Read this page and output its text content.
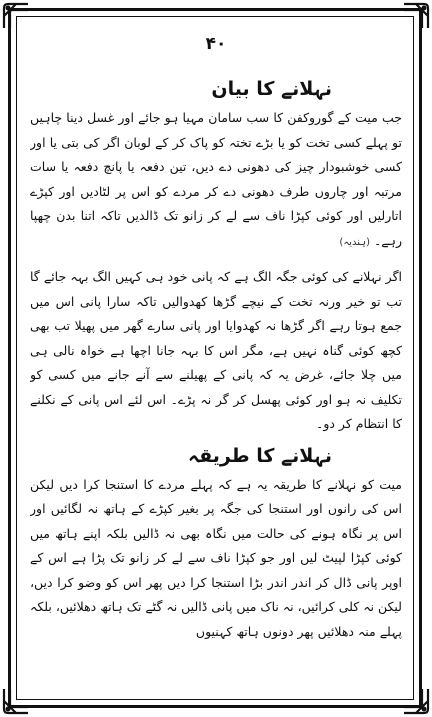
۴۰
نہلانے کا بیان

جب میت کے گوروکفن کا سب سامان مہیا ہو جائے اور غسل دینا چاہیں تو پہلے کسی تخت کو یا بڑے تختہ کو پاک کر کے لوبان اگر کی بتی یا اور کسی خوشبودار چیز کی دھونی دے دیں، تین دفعہ یا پانچ دفعہ یا سات مرتبہ اور چاروں طرف دھونی دے کر مردے کو اس پر لٹادیں اور کپڑے اتارلیں اور کوئی کپڑا ناف سے لے کر زانو تک ڈالدیں تاکہ اتنا بدن چھپا رہے۔ (ہندیہ)

اگر نہلانے کی کوئی جگہ الگ ہے کہ پانی خود ہی کہیں الگ بہہ جائے گا تب تو خیر ورنہ تخت کے نیچے گڑھا کھدوالیں تاکہ سارا پانی اس میں جمع ہوتا رہے اگر گڑھا نہ کھدوایا اور پانی سارے گھر میں پھیلا تب بھی کچھ کوئی گناہ نہیں ہے، مگر اس کا بہہ جانا اچھا ہے خواہ نالی ہی میں چلا جائے، غرض یہ کہ پانی کے پھیلنے سے آنے جانے میں کسی کو تکلیف نہ ہو اور کوئی پھسل کر گر نہ پڑے۔ اس لئے اس پانی کے نکلنے کا انتظام کر دو۔

نہلانے کا طریقہ

میت کو نہلانے کا طریقہ یہ ہے کہ پہلے مردے کا استنجا کرا دیں لیکن اس کی رانوں اور استنجا کی جگہ پر بغیر کپڑے کے ہاتھ نہ لگائیں اور اس پر نگاہ ہونے کی حالت میں نگاہ بھی نہ ڈالیں بلکہ اپنے ہاتھ میں کوئی کپڑا لپیٹ لیں اور جو کپڑا ناف سے لے کر زانو تک پڑا ہے اس کے اوپر پانی ڈال کر اندر اندر بڑا استنجا کرا دیں پھر اس کو وضو کرا دیں، لیکن نہ کلی کرائیں، نہ ناک میں پانی ڈالیں نہ گٹے تک ہاتھ دھلائیں، بلکہ پہلے منہ دھلائیں پھر دونوں ہاتھ کہنیوں
